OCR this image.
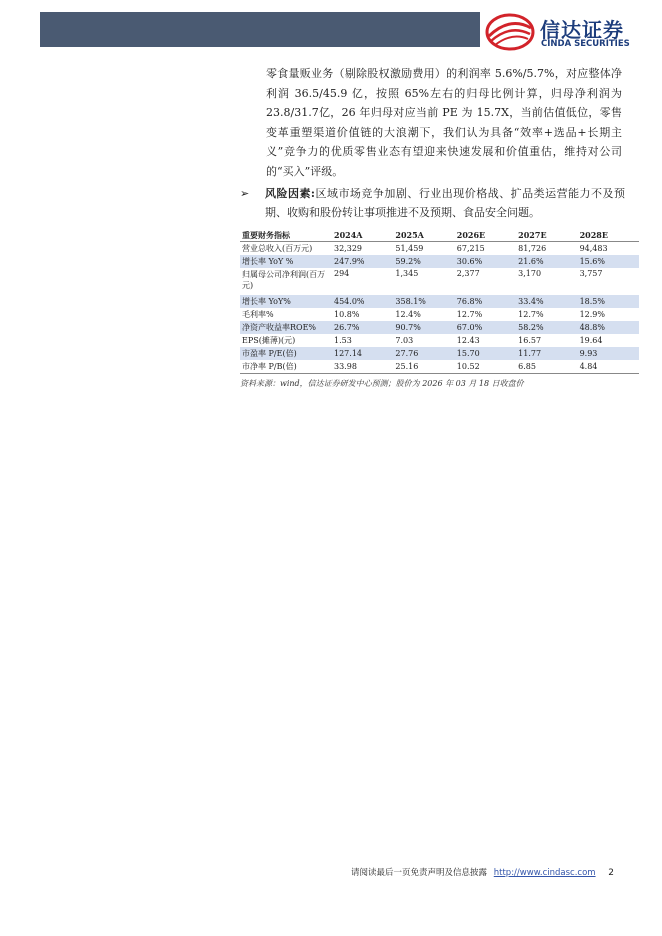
信达证券
CINDA SECURITIES

零食量贩业务（剔除股权激励费用）的利润率 5.6%/5.7%，对应整体净利润 36.5/45.9 亿，按照 65%左右的归母比例计算，归母净利润为23.8/31.7亿，26 年归母对应当前 PE 为 15.7X，当前估值低位，零售变革重塑渠道价值链的大浪潮下，我们认为具备“效率+选品+长期主义”竞争力的优质零售业态有望迎来快速发展和价值重估，维持对公司的“买入”评级。

➢ 风险因素:区域市场竞争加剧、行业出现价格战、扩品类运营能力不及预期、收购和股份转让事项推进不及预期、食品安全问题。
重要财务指标	2024A	2025A	2026E	2027E	2028E
营业总收入(百万元)	32,329	51,459	67,215	81,726	94,483
增长率 YoY %	247.9%	59.2%	30.6%	21.6%	15.6%
归属母公司净利润(百万元)	294	1,345	2,377	3,170	3,757
增长率 YoY%	454.0%	358.1%	76.8%	33.4%	18.5%
毛利率%	10.8%	12.4%	12.7%	12.7%	12.9%
净资产收益率ROE%	26.7%	90.7%	67.0%	58.2%	48.8%
EPS(摊薄)(元)	1.53	7.03	12.43	16.57	19.64
市盈率 P/E(倍)	127.14	27.76	15.70	11.77	9.93
市净率 P/B(倍)	33.98	25.16	10.52	6.85	4.84
资料来源：wind，信达证券研发中心预测；股价为 2026 年 03 月 18 日收盘价
请阅读最后一页免责声明及信息披露 http://www.cindasc.com 2
